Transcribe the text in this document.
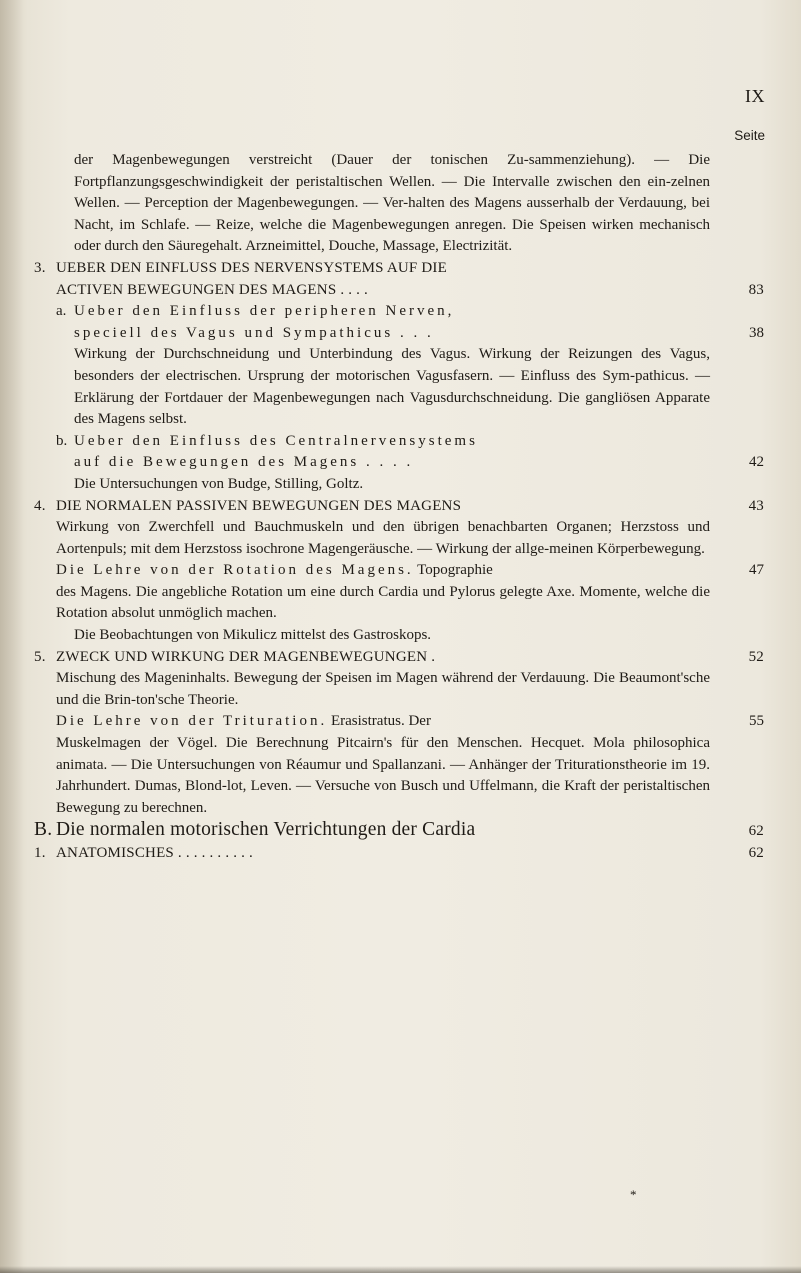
IX
Seite

der Magenbewegungen verstreicht (Dauer der tonischen Zu-sammenziehung). — Die Fortpflanzungsgeschwindigkeit der peristaltischen Wellen. — Die Intervalle zwischen den ein-zelnen Wellen. — Perception der Magenbewegungen. — Ver-halten des Magens ausserhalb der Verdauung, bei Nacht, im Schlafe. — Reize, welche die Magenbewegungen anregen. Die Speisen wirken mechanisch oder durch den Säuregehalt. Arzneimittel, Douche, Massage, Electrizität.

3. UEBER DEN EINFLUSS DES NERVENSYSTEMS AUF DIE
ACTIVEN BEWEGUNGEN DES MAGENS . . . .	83
a. Ueber den Einfluss der peripheren Nerven,
speciell des Vagus und Sympathicus . . .	38

Wirkung der Durchschneidung und Unterbindung des Vagus. Wirkung der Reizungen des Vagus, besonders der electrischen. Ursprung der motorischen Vagusfasern. — Einfluss des Sym-pathicus. — Erklärung der Fortdauer der Magenbewegungen nach Vagusdurchschneidung. Die gangliösen Apparate des Magens selbst.

b. Ueber den Einfluss des Centralnervensystems
auf die Bewegungen des Magens . . . .	42

Die Untersuchungen von Budge, Stilling, Goltz.

4. DIE NORMALEN PASSIVEN BEWEGUNGEN DES MAGENS	43

Wirkung von Zwerchfell und Bauchmuskeln und den übrigen benachbarten Organen; Herzstoss und Aortenpuls; mit dem Herzstoss isochrone Magengeräusche. — Wirkung der allge-meinen Körperbewegung.

Die Lehre von der Rotation des Magens. Topographie	47

des Magens. Die angebliche Rotation um eine durch Cardia und Pylorus gelegte Axe. Momente, welche die Rotation absolut unmöglich machen.

Die Beobachtungen von Mikulicz mittelst des Gastroskops.

5. ZWECK UND WIRKUNG DER MAGENBEWEGUNGEN .	52

Mischung des Mageninhalts. Bewegung der Speisen im Magen während der Verdauung. Die Beaumont'sche und die Brin-ton'sche Theorie.

Die Lehre von der Trituration. Erasistratus. Der	55

Muskelmagen der Vögel. Die Berechnung Pitcairn's für den Menschen. Hecquet. Mola philosophica animata. — Die Untersuchungen von Réaumur und Spallanzani. — Anhänger der Triturationstheorie im 19. Jahrhundert. Dumas, Blond-lot, Leven. — Versuche von Busch und Uffelmann, die Kraft der peristaltischen Bewegung zu berechnen.

B. Die normalen motorischen Verrichtungen der Cardia	62
1. ANATOMISCHES . . . . . . . . . .	62
*
